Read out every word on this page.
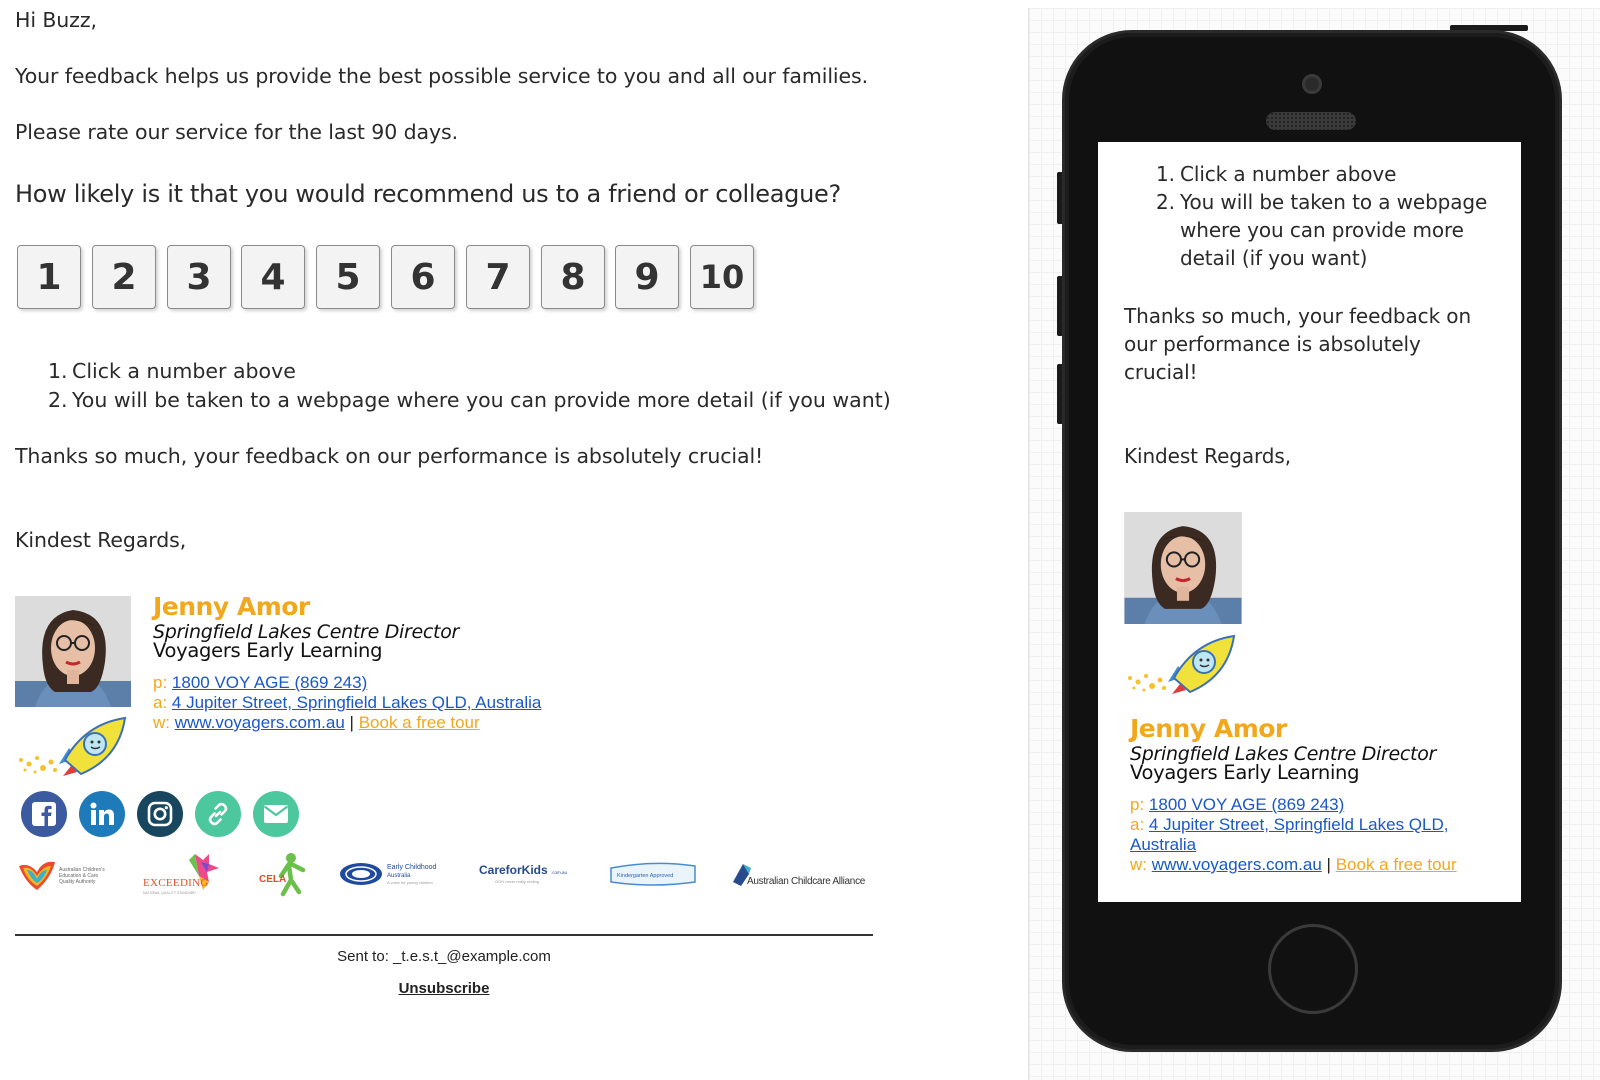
Hi Buzz,
Your feedback helps us provide the best possible service to you and all our families.
Please rate our service for the last 90 days.
How likely is it that you would recommend us to a friend or colleague?
1	2	3	4	5	6	7	8	9	10
1. Click a number above
2. You will be taken to a webpage where you can provide more detail (if you want)
Thanks so much, your feedback on our performance is absolutely crucial!
Kindest Regards,
Jenny Amor
Springfield Lakes Centre Director
Voyagers Early Learning
p: 1800 VOY AGE (869 243)
a: 4 Jupiter Street, Springfield Lakes QLD, Australia
w: www.voyagers.com.au | Book a free tour
Australian Children's
Education & Care
Quality Authority	EXCEEDING
NATIONAL QUALITY STANDARD
CELA
Early Childhood
Australia
A voice for young children
CareforKids .com.au
OOH never really ending
Kindergarten Approved	Australian Childcare Alliance
Sent to: _t.e.s.t_@example.com
Unsubscribe
1. Click a number above
2. You will be taken to a webpage
where you can provide more
detail (if you want)
Thanks so much, your feedback on
our performance is absolutely
crucial!
Kindest Regards,
Jenny Amor
Springfield Lakes Centre Director
Voyagers Early Learning
p: 1800 VOY AGE (869 243)
a: 4 Jupiter Street, Springfield Lakes QLD,
Australia
w: www.voyagers.com.au | Book a free tour
